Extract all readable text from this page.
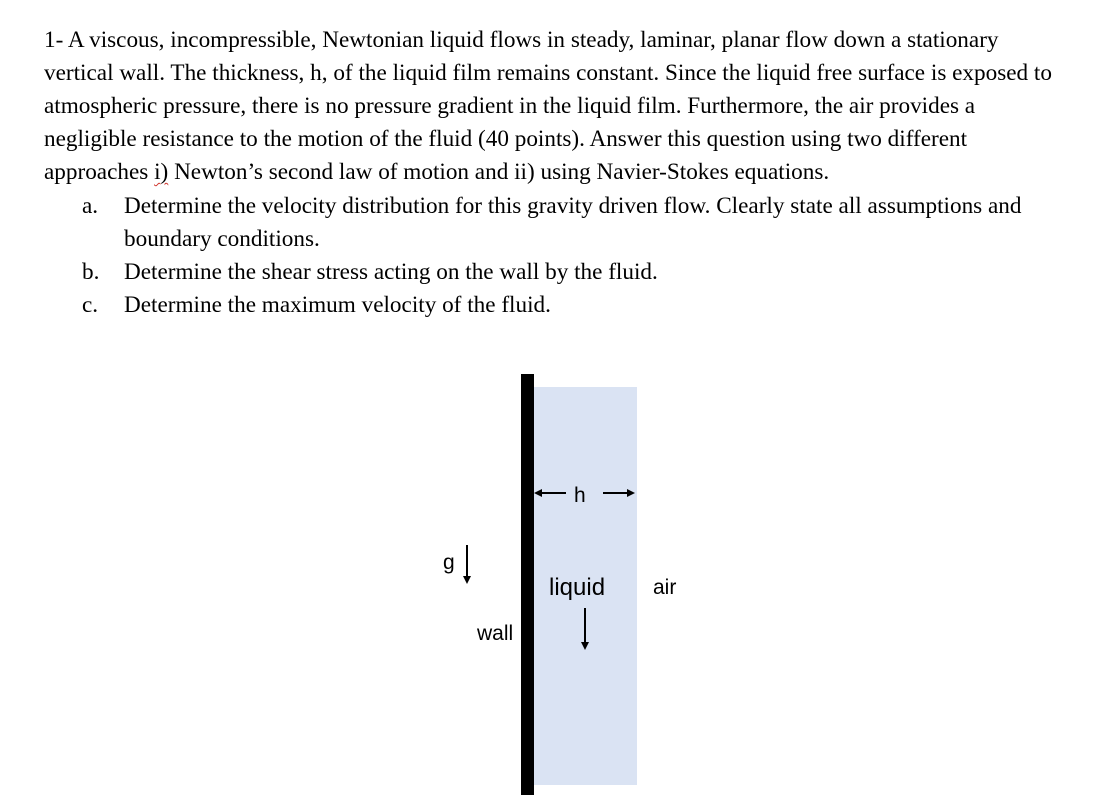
1- A viscous, incompressible, Newtonian liquid flows in steady, laminar, planar flow down a stationary vertical wall. The thickness, h, of the liquid film remains constant. Since the liquid free surface is exposed to atmospheric pressure, there is no pressure gradient in the liquid film. Furthermore, the air provides a negligible resistance to the motion of the fluid (40 points). Answer this question using two different approaches i) Newton’s second law of motion and ii) using Navier-Stokes equations.

a. Determine the velocity distribution for this gravity driven flow. Clearly state all assumptions and boundary conditions.
b. Determine the shear stress acting on the wall by the fluid.
c. Determine the maximum velocity of the fluid.
h
g
liquid air
wall
